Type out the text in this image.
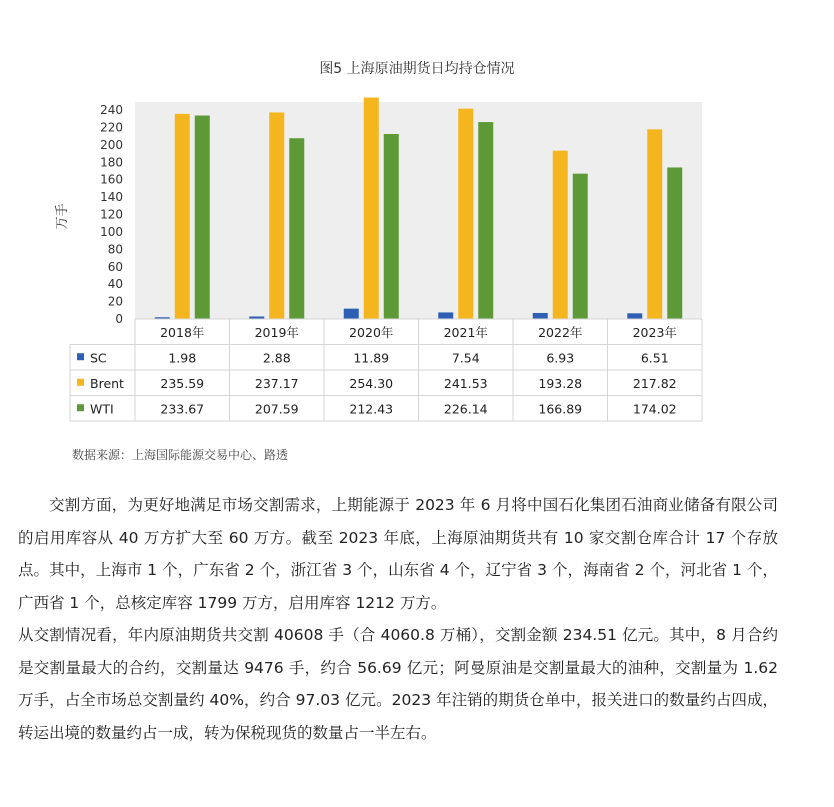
图5 上海原油期货日均持仓情况
0
20
40
60
80
100
120
140
160
180
200
220
240
万手
2018年	2019年	2020年	2021年	2022年	2023年
SC	1.98	2.88	11.89	7.54	6.93	6.51
Brent	235.59	237.17	254.30	241.53	193.28	217.82
WTI	233.67	207.59	212.43	226.14	166.89	174.02
数据来源：上海国际能源交易中心、路透

交割方面，为更好地满足市场交割需求，上期能源于 2023 年 6 月将中国石化集团石油商业储备有限公司的启用库容从 40 万方扩大至 60 万方。截至 2023 年底，上海原油期货共有 10 家交割仓库合计 17 个存放点。其中，上海市 1 个，广东省 2 个，浙江省 3 个，山东省 4 个，辽宁省 3 个，海南省 2 个，河北省 1 个，广西省 1 个，总核定库容 1799 万方，启用库容 1212 万方。

从交割情况看，年内原油期货共交割 40608 手（合 4060.8 万桶），交割金额 234.51 亿元。其中，8 月合约是交割量最大的合约，交割量达 9476 手，约合 56.69 亿元；阿曼原油是交割量最大的油种，交割量为 1.62 万手，占全市场总交割量约 40%，约合 97.03 亿元。2023 年注销的期货仓单中，报关进口的数量约占四成，转运出境的数量约占一成，转为保税现货的数量占一半左右。
